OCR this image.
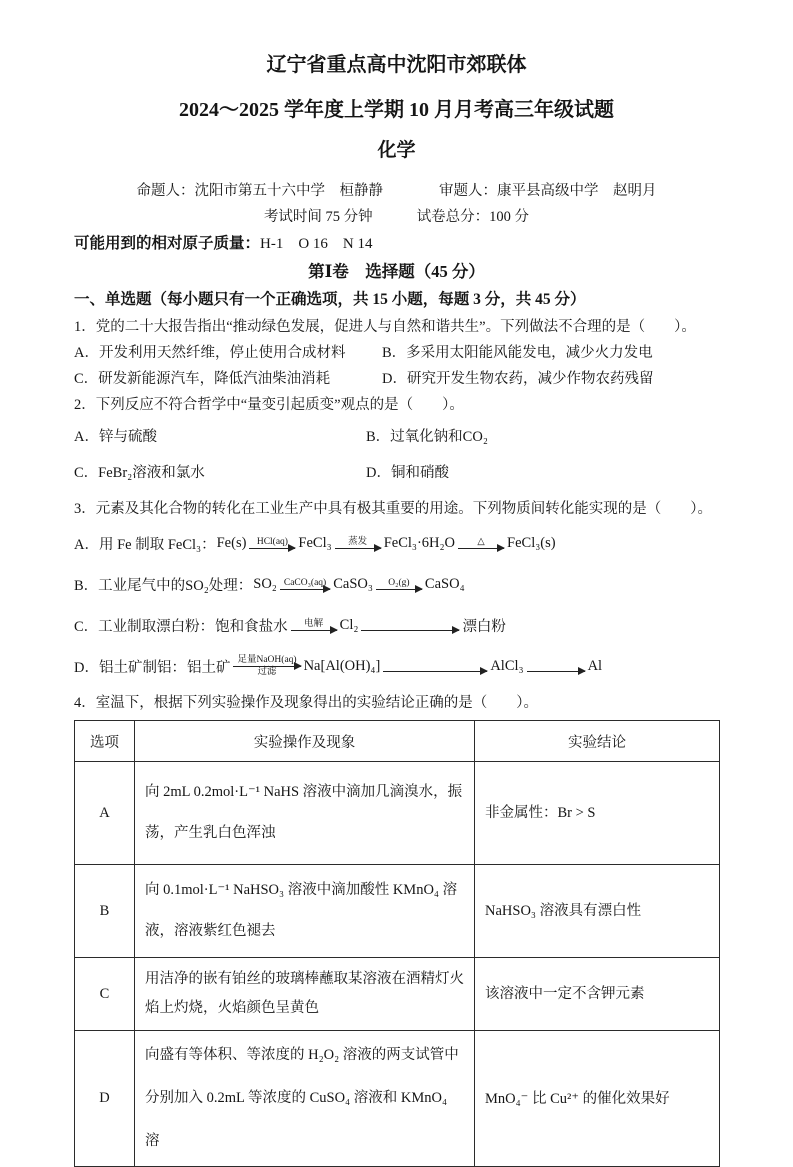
辽宁省重点高中沈阳市郊联体
2024～2025 学年度上学期 10 月月考高三年级试题
化学
命题人：沈阳市第五十六中学　桓静静	审题人：康平县高级中学　赵明月
考试时间 75 分钟	试卷总分：100 分
可能用到的相对原子质量：H-1　O 16　N 14
第Ⅰ卷　选择题（45 分）
一、单选题（每小题只有一个正确选项，共 15 小题，每题 3 分，共 45 分）
1．党的二十大报告指出“推动绿色发展，促进人与自然和谐共生”。下列做法不合理的是（　　）。
A．开发利用天然纤维，停止使用合成材料	B．多采用太阳能风能发电，减少火力发电
C．研发新能源汽车，降低汽油柴油消耗	D．研究开发生物农药，减少作物农药残留
2．下列反应不符合哲学中“量变引起质变”观点的是（　　）。
A．锌与硫酸	B．过氧化钠和CO₂
C．FeBr₂溶液和氯水	D．铜和硝酸
3．元素及其化合物的转化在工业生产中具有极其重要的用途。下列物质间转化能实现的是（　　）。
A．用 Fe 制取 FeCl₃： Fe(s)	HCl(aq) FeCl₃	蒸发 FeCl₃·6H₂O	△ FeCl₃(s)
B．工业尾气中的SO₂处理： SO₂ CaCO₃(aq) CaSO₃	O₂(g) CaSO₄
C．工业制取漂白粉： 饱和食盐水	电解 Cl₂
	漂白粉
D．铝土矿制铝： 铝土矿 足量NaOH(aq)
过滤 Na[Al(OH)₄]
	AlCl₃
	Al
4．室温下，根据下列实验操作及现象得出的实验结论正确的是（　　）。
选项	实验操作及现象	实验结论
A	向 2mL 0.2mol·L⁻¹ NaHS 溶液中滴加几滴溴水，振荡，产生乳白色浑浊	非金属性：Br > S
B	向 0.1mol·L⁻¹ NaHSO₃ 溶液中滴加酸性 KMnO₄ 溶液，溶液紫红色褪去	NaHSO₃ 溶液具有漂白性
C	用洁净的嵌有铂丝的玻璃棒蘸取某溶液在酒精灯火焰上灼烧，火焰颜色呈黄色	该溶液中一定不含钾元素
D	向盛有等体积、等浓度的 H₂O₂ 溶液的两支试管中分别加入 0.2mL 等浓度的 CuSO₄ 溶液和 KMnO₄ 溶	MnO₄⁻ 比 Cu²⁺ 的催化效果好
